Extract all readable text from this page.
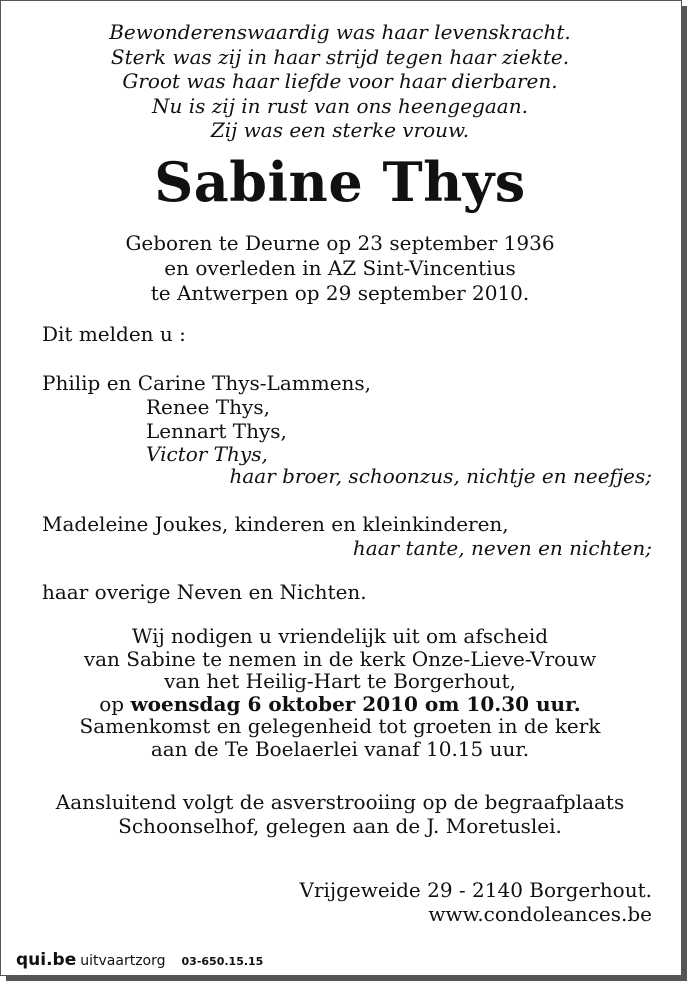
Bewonderenswaardig was haar levenskracht.
Sterk was zij in haar strijd tegen haar ziekte.
Groot was haar liefde voor haar dierbaren.
Nu is zij in rust van ons heengegaan.
Zij was een sterke vrouw.
Sabine Thys
Geboren te Deurne op 23 september 1936
en overleden in AZ Sint-Vincentius
te Antwerpen op 29 september 2010.
Dit melden u :
Philip en Carine Thys-Lammens,
Renee Thys,
Lennart Thys,
Victor Thys,
haar broer, schoonzus, nichtje en neefjes;
Madeleine Joukes, kinderen en kleinkinderen,
haar tante, neven en nichten;
haar overige Neven en Nichten.
Wij nodigen u vriendelijk uit om afscheid
van Sabine te nemen in de kerk Onze-Lieve-Vrouw
van het Heilig-Hart te Borgerhout,
op woensdag 6 oktober 2010 om 10.30 uur.
Samenkomst en gelegenheid tot groeten in de kerk
aan de Te Boelaerlei vanaf 10.15 uur.
Aansluitend volgt de asverstrooiing op de begraafplaats
Schoonselhof, gelegen aan de J. Moretuslei.
Vrijgeweide 29 - 2140 Borgerhout.
www.condoleances.be
qui.be uitvaartzorg 03-650.15.15
